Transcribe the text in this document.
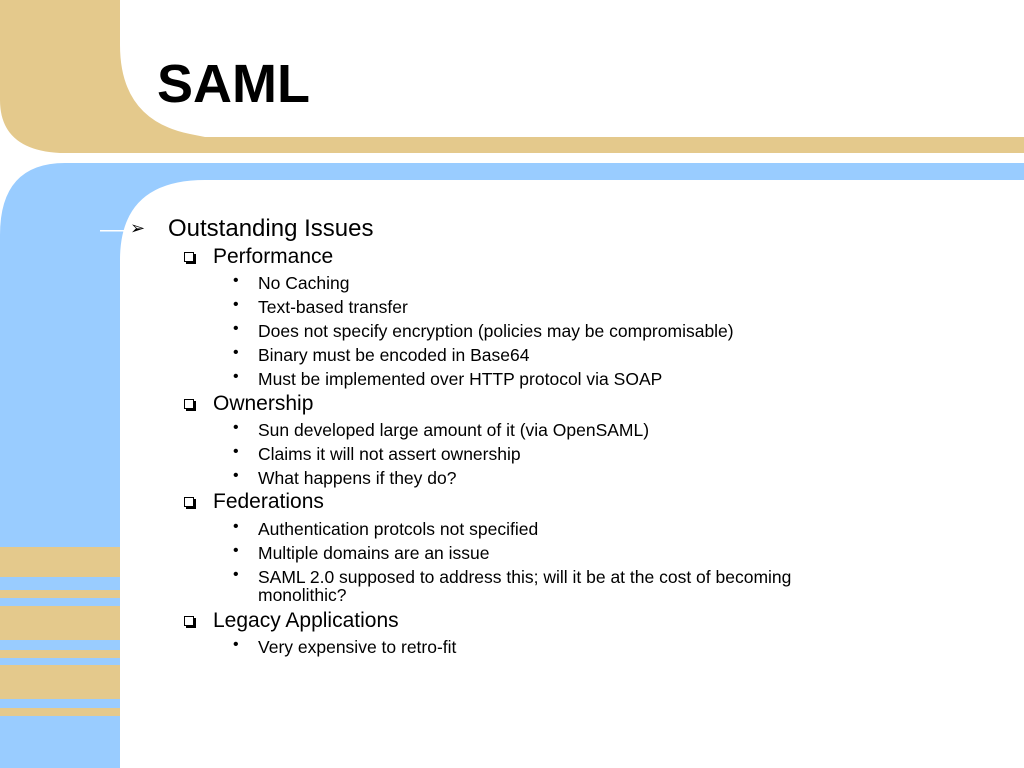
SAML
➢ Outstanding Issues
Performance
• No Caching
• Text-based transfer
• Does not specify encryption (policies may be compromisable)
• Binary must be encoded in Base64
• Must be implemented over HTTP protocol via SOAP
Ownership
• Sun developed large amount of it (via OpenSAML)
• Claims it will not assert ownership
• What happens if they do?
Federations
• Authentication protcols not specified
• Multiple domains are an issue
• SAML 2.0 supposed to address this; will it be at the cost of becoming
monolithic?
Legacy Applications
• Very expensive to retro-fit
